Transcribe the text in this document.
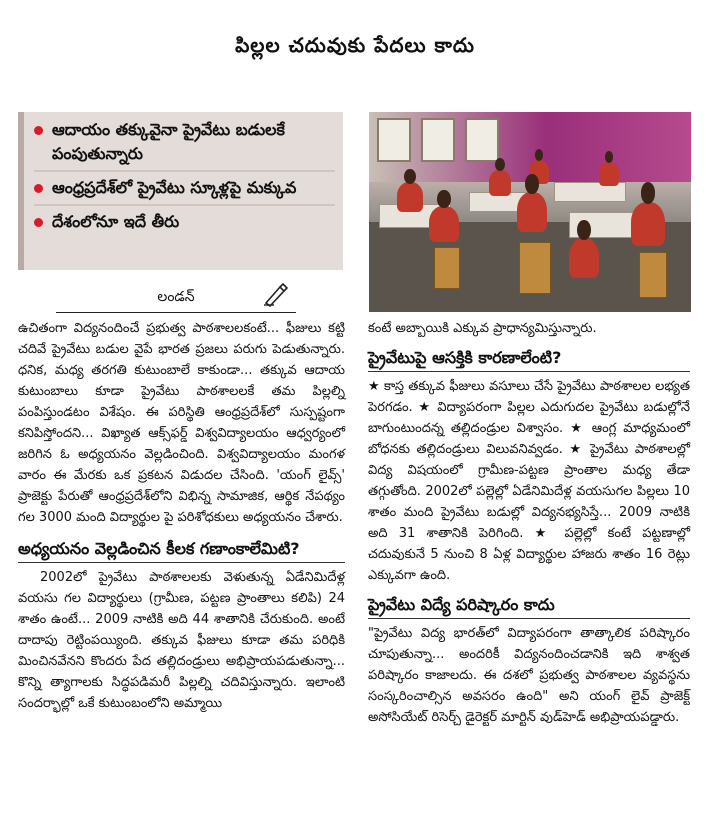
పిల్లల చదువుకు పేదలు కాదు
ఆదాయం తక్కువైనా ప్రైవేటు బడులకే పంపుతున్నారు
ఆంధ్రప్రదేశ్‌లో ప్రైవేటు స్కూళ్లపై మక్కువ
దేశంలోనూ ఇదే తీరు
లండన్

ఉచితంగా విద్యనందించే ప్రభుత్వ పాఠశాలలకంటే... ఫీజులు కట్టి చదివే ప్రైవేటు బడుల వైపే భారత ప్రజలు పరుగు పెడుతున్నారు. ధనిక, మధ్య తరగతి కుటుంబాలే కాకుండా... తక్కువ ఆదాయ కుటుంబాలు కూడా ప్రైవేటు పాఠశాలలకే తమ పిల్లల్ని పంపిస్తుండటం విశేషం. ఈ పరిస్థితి ఆంధ్రప్రదేశ్‌లో సుస్పష్టంగా కనిపిస్తోందని... విఖ్యాత ఆక్స్‌ఫర్డ్ విశ్వవిద్యాలయం ఆధ్వర్యంలో జరిగిన ఓ అధ్యయనం వెల్లడించింది. విశ్వవిద్యాలయం మంగళ వారం ఈ మేరకు ఒక ప్రకటన విడుదల చేసింది. 'యంగ్ లైవ్స్' ప్రాజెక్టు పేరుతో ఆంధ్రప్రదేశ్‌లోని విభిన్న సామాజిక, ఆర్థిక నేపథ్యం గల 3000 మంది విద్యార్థుల పై పరిశోధకులు అధ్యయనం చేశారు.

అధ్యయనం వెల్లడించిన కీలక గణాంకాలేమిటి?

2002లో ప్రైవేటు పాఠశాలలకు వెళుతున్న ఏడేనిమిదేళ్ల వయసు గల విద్యార్థులు (గ్రామీణ, పట్టణ ప్రాంతాలు కలిపి) 24 శాతం ఉంటే... 2009 నాటికి అది 44 శాతానికి చేరుకుంది. అంటే దాదాపు రెట్టింపయ్యింది. తక్కువ ఫీజులు కూడా తమ పరిధికి మించినవేనని కొందరు పేద తల్లిదండ్రులు అభిప్రాయపడుతున్నా... కొన్ని త్యాగాలకు సిద్ధపడిమరీ పిల్లల్ని చదివిస్తున్నారు. ఇలాంటి సందర్భాల్లో ఒకే కుటుంబంలోని అమ్మాయి

కంటే అబ్బాయికి ఎక్కువ ప్రాధాన్యమిస్తున్నారు.

ప్రైవేటుపై ఆసక్తికి కారణాలేంటి?

★ కాస్త తక్కువ ఫీజులు వసూలు చేసే ప్రైవేటు పాఠశాలల లభ్యత పెరగడం. ★ విద్యాపరంగా పిల్లల ఎదుగుదల ప్రైవేటు బడుల్లోనే బాగుంటుందన్న తల్లిదండ్రుల విశ్వాసం. ★ ఆంగ్ల మాధ్యమంలో బోధనకు తల్లిదండ్రులు విలువనివ్వడం. ★ ప్రైవేటు పాఠశాలల్లో విద్య విషయంలో గ్రామీణ-పట్టణ ప్రాంతాల మధ్య తేడా తగ్గుతోంది. 2002లో పల్లెల్లో ఏడేనిమిదేళ్ల వయసుగల పిల్లలు 10 శాతం మంది ప్రైవేటు బడుల్లో విద్యనభ్యసిస్తే... 2009 నాటికి అది 31 శాతానికి పెరిగింది. ★ పల్లెల్లో కంటే పట్టణాల్లో చదువుకునే 5 నుంచి 8 ఏళ్ల విద్యార్థుల హాజరు శాతం 16 రెట్లు ఎక్కువగా ఉంది.

ప్రైవేటు విద్యే పరిష్కారం కాదు

"ప్రైవేటు విద్య భారత్‌లో విద్యాపరంగా తాత్కాలిక పరిష్కారం చూపుతున్నా... అందరికీ విద్యనందించడానికి ఇది శాశ్వత పరిష్కారం కాజాలదు. ఈ దశలో ప్రభుత్వ పాఠశాలల వ్యవస్థను సంస్కరించాల్సిన అవసరం ఉంది" అని యంగ్ లైవ్ ప్రాజెక్ట్ అసోసియేట్ రిసెర్చ్ డైరెక్టర్ మార్టిన్ వుడ్‌హెడ్ అభిప్రాయపడ్డారు.
